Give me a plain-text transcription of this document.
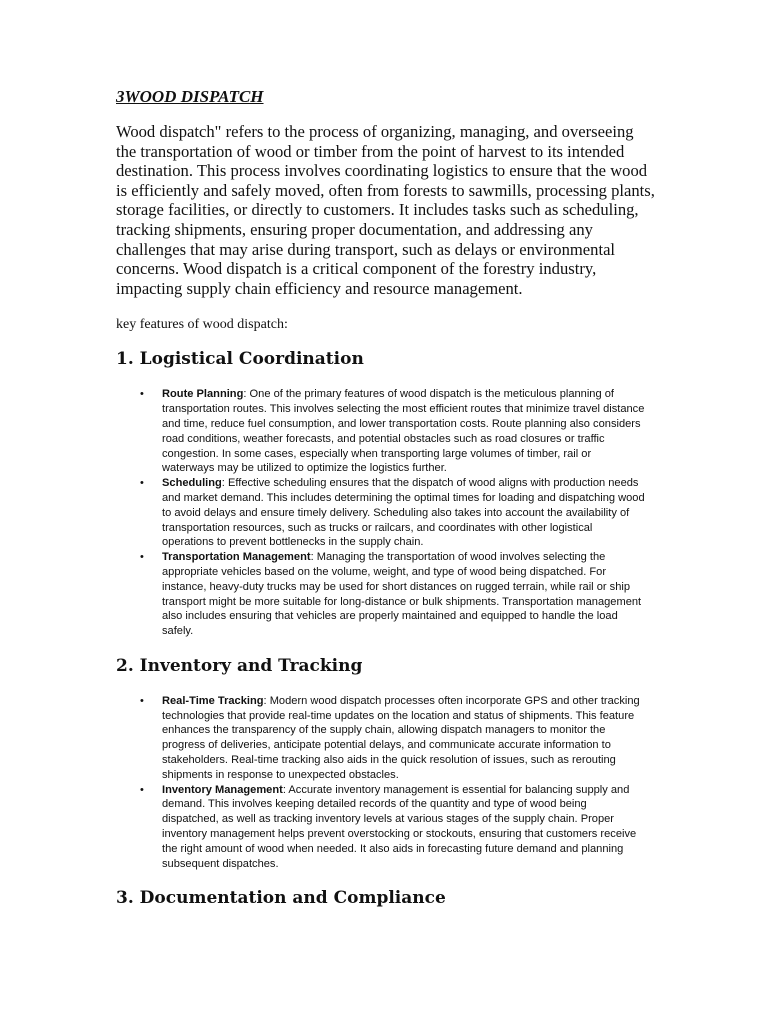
3WOOD DISPATCH

Wood dispatch" refers to the process of organizing, managing, and overseeing the transportation of wood or timber from the point of harvest to its intended destination. This process involves coordinating logistics to ensure that the wood is efficiently and safely moved, often from forests to sawmills, processing plants, storage facilities, or directly to customers. It includes tasks such as scheduling, tracking shipments, ensuring proper documentation, and addressing any challenges that may arise during transport, such as delays or environmental concerns. Wood dispatch is a critical component of the forestry industry, impacting supply chain efficiency and resource management.

key features of wood dispatch:

1. Logistical Coordination
• Route Planning: One of the primary features of wood dispatch is the meticulous planning of transportation routes. This involves selecting the most efficient routes that minimize travel distance and time, reduce fuel consumption, and lower transportation costs. Route planning also considers road conditions, weather forecasts, and potential obstacles such as road closures or traffic congestion. In some cases, especially when transporting large volumes of timber, rail or waterways may be utilized to optimize the logistics further.
• Scheduling: Effective scheduling ensures that the dispatch of wood aligns with production needs and market demand. This includes determining the optimal times for loading and dispatching wood to avoid delays and ensure timely delivery. Scheduling also takes into account the availability of transportation resources, such as trucks or railcars, and coordinates with other logistical operations to prevent bottlenecks in the supply chain.
• Transportation Management: Managing the transportation of wood involves selecting the appropriate vehicles based on the volume, weight, and type of wood being dispatched. For instance, heavy-duty trucks may be used for short distances on rugged terrain, while rail or ship transport might be more suitable for long-distance or bulk shipments. Transportation management also includes ensuring that vehicles are properly maintained and equipped to handle the load safely.
2. Inventory and Tracking
• Real-Time Tracking: Modern wood dispatch processes often incorporate GPS and other tracking technologies that provide real-time updates on the location and status of shipments. This feature enhances the transparency of the supply chain, allowing dispatch managers to monitor the progress of deliveries, anticipate potential delays, and communicate accurate information to stakeholders. Real-time tracking also aids in the quick resolution of issues, such as rerouting shipments in response to unexpected obstacles.
• Inventory Management: Accurate inventory management is essential for balancing supply and demand. This involves keeping detailed records of the quantity and type of wood being dispatched, as well as tracking inventory levels at various stages of the supply chain. Proper inventory management helps prevent overstocking or stockouts, ensuring that customers receive the right amount of wood when needed. It also aids in forecasting future demand and planning subsequent dispatches.
3. Documentation and Compliance
